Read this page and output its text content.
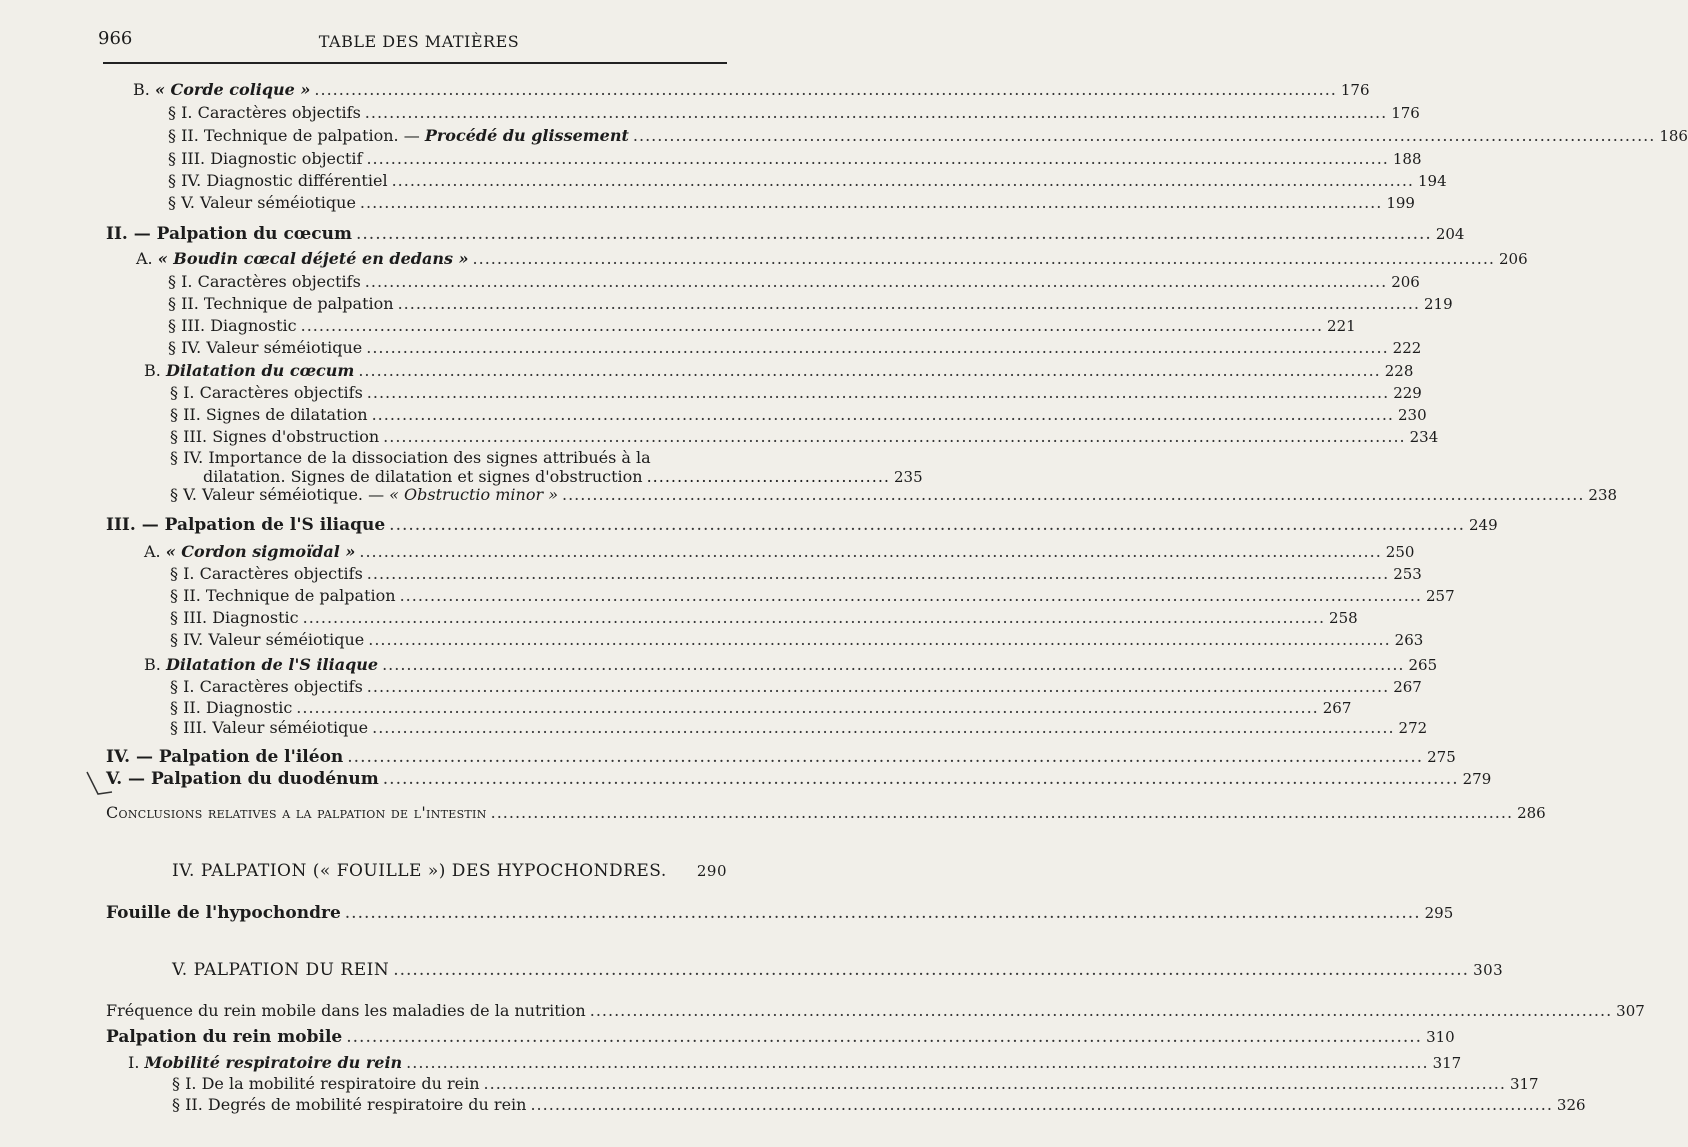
966	TABLE DES MATIÈRES
B. « Corde colique » .....	176
§ I. Caractères objectifs .....	176
§ II. Technique de palpation. — Procédé du glissement .....	186
§ III. Diagnostic objectif .....	188
§ IV. Diagnostic différentiel .....	194
§ V. Valeur séméiotique .....	199
II. — Palpation du cœcum .....	204
A. « Boudin cœcal déjeté en dedans » .....	206
§ I. Caractères objectifs .....	206
§ II. Technique de palpation .....	219
§ III. Diagnostic .....	221
§ IV. Valeur séméiotique .....	222
B. Dilatation du cœcum .....	228
§ I. Caractères objectifs .....	229
§ II. Signes de dilatation .....	230
§ III. Signes d'obstruction .....	234
§ IV. Importance de la dissociation des signes attribués à la
dilatation. Signes de dilatation et signes d'obstruction ........................................ 235
§ V. Valeur séméiotique. — « Obstructio minor » .....	238
III. — Palpation de l'S iliaque .....	249
A. « Cordon sigmoïdal » .....	250
§ I. Caractères objectifs .....	253
§ II. Technique de palpation .....	257
§ III. Diagnostic .....	258
§ IV. Valeur séméiotique .....	263
B. Dilatation de l'S iliaque .....	265
§ I. Caractères objectifs .....	267
§ II. Diagnostic .....	267
§ III. Valeur séméiotique .....	272
IV. — Palpation de l'iléon .....	275
V. — Palpation du duodénum .....	279
Conclusions relatives a la palpation de l'intestin .....	286
IV. PALPATION (« FOUILLE ») DES HYPOCHONDRES. 290
Fouille de l'hypochondre .....	295
V. PALPATION DU REIN .....	303
Fréquence du rein mobile dans les maladies de la nutrition .....	307
Palpation du rein mobile .....	310
I. Mobilité respiratoire du rein .....	317
§ I. De la mobilité respiratoire du rein .....	317
§ II. Degrés de mobilité respiratoire du rein .....	326
